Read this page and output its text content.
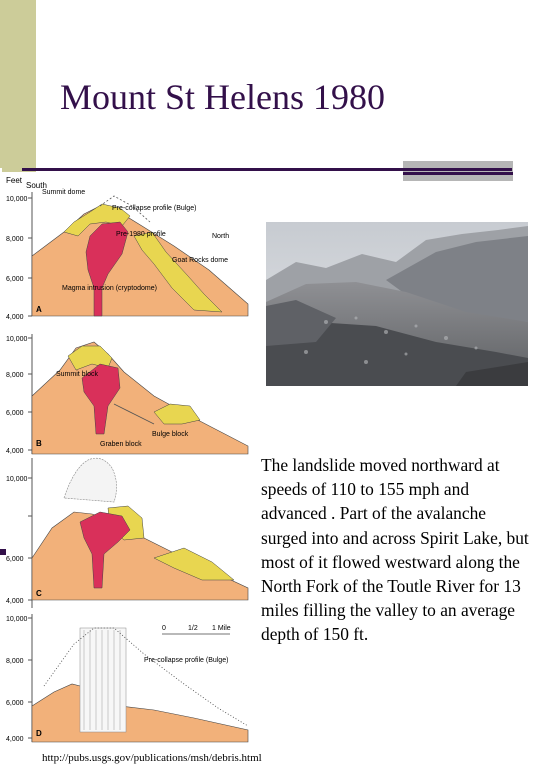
Mount St Helens 1980
Feet
South
10,000
8,000
6,000
4,000
Summit dome
Pre-collapse profile (Bulge)
Pre-1980 profile	North
Goat Rocks dome
Magma intrusion (cryptodome)
A
10,000
8,000
6,000
4,000
Summit block
Graben block
Bulge block
B
10,000
6,000
4,000
C
10,000
8,000
6,000
4,000
0	1/2 1 Mile
Pre-collapse profile (Bulge)
D
The landslide moved northward at speeds of 110 to 155 mph and advanced . Part of the avalanche surged into and across Spirit Lake, but most of it flowed westward along the North Fork of the Toutle River for 13 miles filling the valley to an average depth of 150 ft.
http://pubs.usgs.gov/publications/msh/debris.html
